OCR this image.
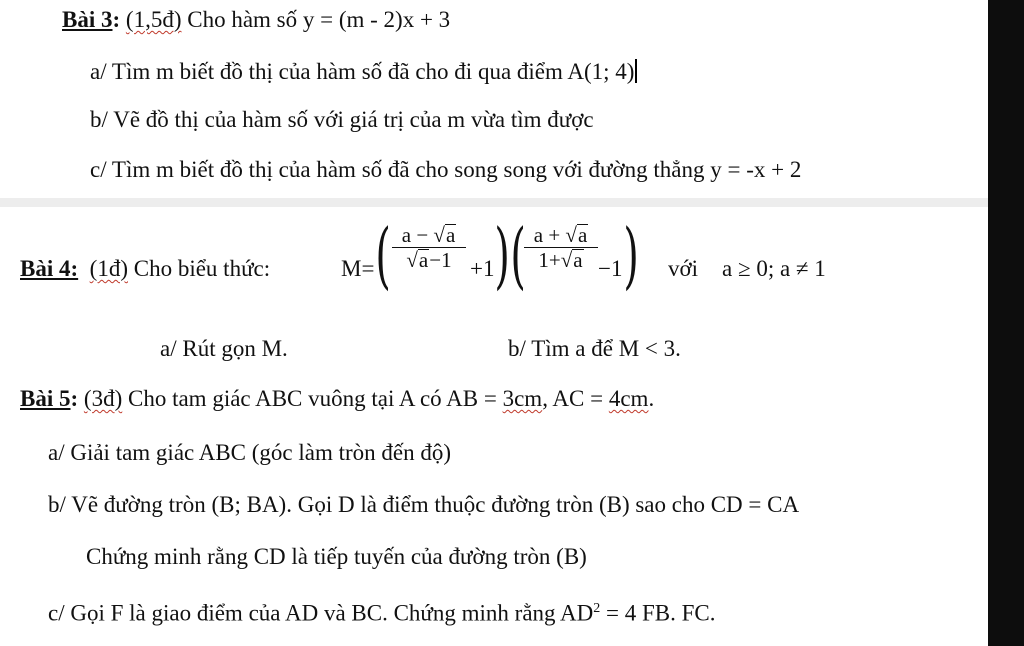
Bài 3: (1,5đ) Cho hàm số y = (m - 2)x + 3
a/ Tìm m biết đồ thị của hàm số đã cho đi qua điểm A(1; 4)
b/ Vẽ đồ thị của hàm số với giá trị của m vừa tìm được
c/ Tìm m biết đồ thị của hàm số đã cho song song với đường thẳng y = -x + 2
Bài 4: (1đ) Cho biểu thức:	M= ( $\frac{a - √a}{√a-1} +1$ ) (
$\frac{a + √a}{1+√a} -1$ ) với a ≥ 0; a ≠ 1
a/ Rút gọn M.	b/ Tìm a để M < 3.
Bài 5: (3đ) Cho tam giác ABC vuông tại A có AB = 3cm, AC = 4cm.
a/ Giải tam giác ABC (góc làm tròn đến độ)
b/ Vẽ đường tròn (B; BA). Gọi D là điểm thuộc đường tròn (B) sao cho CD = CA
Chứng minh rằng CD là tiếp tuyến của đường tròn (B)
c/ Gọi F là giao điểm của AD và BC. Chứng minh rằng $AD^2 = 4$ FB. FC.
